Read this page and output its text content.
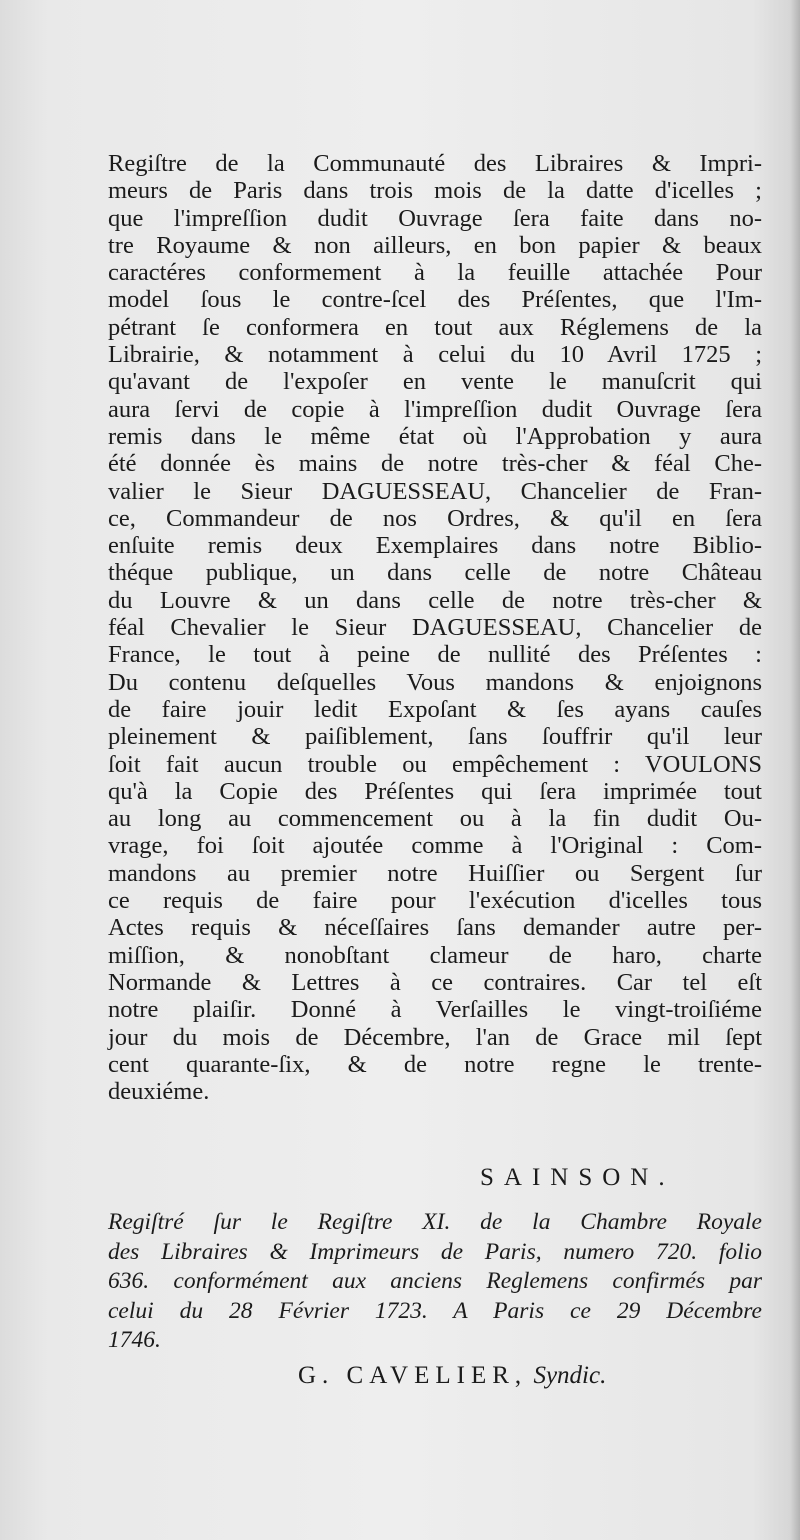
Regiſtre de la Communauté des Libraires & Impri-
meurs de Paris dans trois mois de la datte d'icelles ;
que l'impreſſion dudit Ouvrage ſera faite dans no-
tre Royaume & non ailleurs, en bon papier & beaux
caractéres conformement à la feuille attachée Pour
model ſous le contre-ſcel des Préſentes, que l'Im-
pétrant ſe conformera en tout aux Réglemens de la
Librairie, & notamment à celui du 10 Avril 1725 ;
qu'avant de l'expoſer en vente le manuſcrit qui
aura ſervi de copie à l'impreſſion dudit Ouvrage ſera
remis dans le même état où l'Approbation y aura
été donnée ès mains de notre très-cher & féal Che-
valier le Sieur DAGUESSEAU, Chancelier de Fran-
ce, Commandeur de nos Ordres, & qu'il en ſera
enſuite remis deux Exemplaires dans notre Biblio-
théque publique, un dans celle de notre Château
du Louvre & un dans celle de notre très-cher &
féal Chevalier le Sieur DAGUESSEAU, Chancelier de
France, le tout à peine de nullité des Préſentes :
Du contenu deſquelles Vous mandons & enjoignons
de faire jouir ledit Expoſant & ſes ayans cauſes
pleinement & paiſiblement, ſans ſouffrir qu'il leur
ſoit fait aucun trouble ou empêchement : VOULONS
qu'à la Copie des Préſentes qui ſera imprimée tout
au long au commencement ou à la fin dudit Ou-
vrage, foi ſoit ajoutée comme à l'Original : Com-
mandons au premier notre Huiſſier ou Sergent ſur
ce requis de faire pour l'exécution d'icelles tous
Actes requis & néceſſaires ſans demander autre per-
miſſion, & nonobſtant clameur de haro, charte
Normande & Lettres à ce contraires. Car tel eſt
notre plaiſir. Donné à Verſailles le vingt-troiſiéme
jour du mois de Décembre, l'an de Grace mil ſept
cent quarante-ſix, & de notre regne le trente-
deuxiéme.
SAINSON.
Regiſtré ſur le Regiſtre XI. de la Chambre Royale
des Libraires & Imprimeurs de Paris, numero 720. folio
636. conformément aux anciens Reglemens confirmés par
celui du 28 Février 1723. A Paris ce 29 Décembre
1746.
G. CAVELIER, Syndic.
